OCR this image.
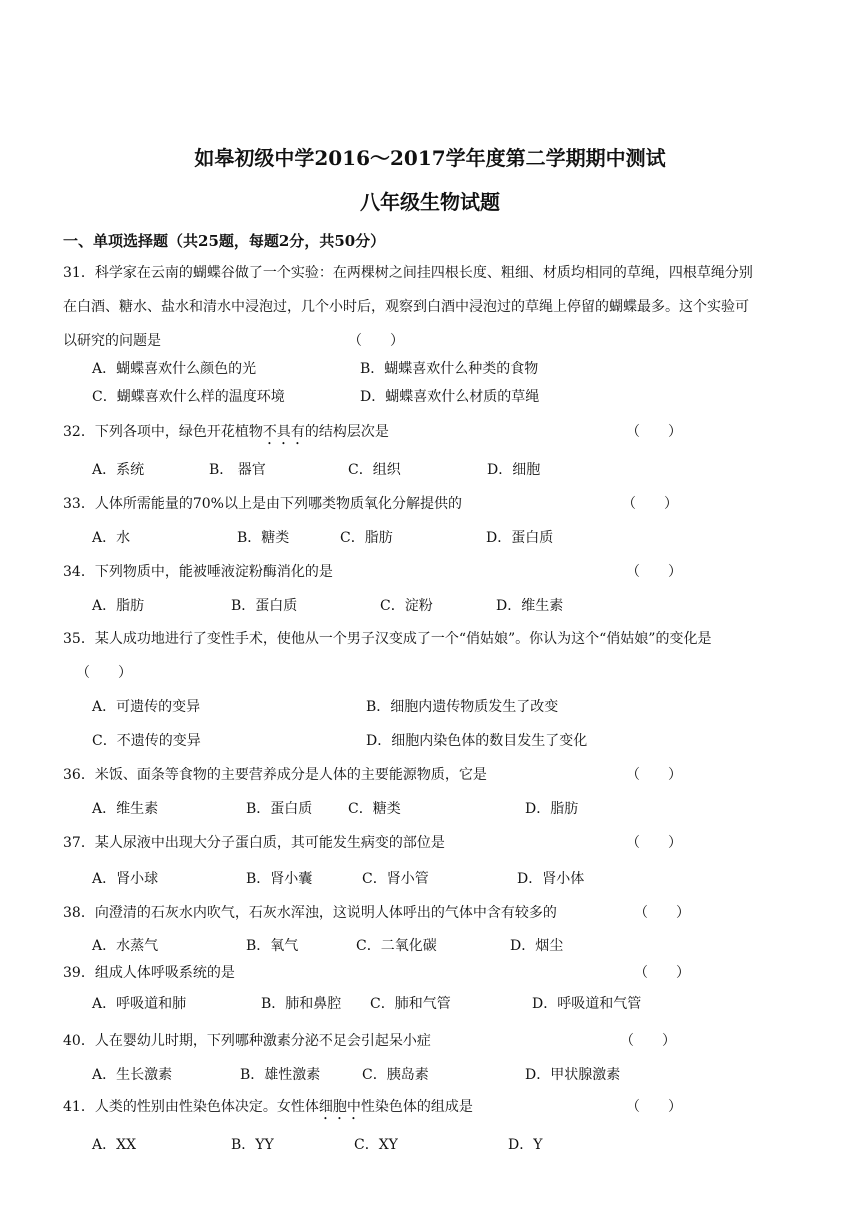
如皋初级中学2016～2017学年度第二学期期中测试
八年级生物试题
一、单项选择题（共25题，每题2分，共50分）
31．科学家在云南的蝴蝶谷做了一个实验：在两棵树之间挂四根长度、粗细、材质均相同的草绳，四根草绳分别
在白酒、糖水、盐水和清水中浸泡过，几个小时后，观察到白酒中浸泡过的草绳上停留的蝴蝶最多。这个实验可
以研究的问题是	（　　）
A．蝴蝶喜欢什么颜色的光	B．蝴蝶喜欢什么种类的食物
C．蝴蝶喜欢什么样的温度环境	D．蝴蝶喜欢什么材质的草绳
32．下列各项中，绿色开花植物不具有的结构层次是	（　　）
A．系统	B． 器官	C．组织	D．细胞
33．人体所需能量的70%以上是由下列哪类物质氧化分解提供的	（　　）
A．水	B．糖类	C．脂肪	D．蛋白质
34．下列物质中，能被唾液淀粉酶消化的是	（　　）
A．脂肪	B．蛋白质	C．淀粉	D．维生素
35．某人成功地进行了变性手术，使他从一个男子汉变成了一个“俏姑娘”。你认为这个“俏姑娘”的变化是
（　　）
A．可遗传的变异	B．细胞内遗传物质发生了改变
C．不遗传的变异	D．细胞内染色体的数目发生了变化
36．米饭、面条等食物的主要营养成分是人体的主要能源物质，它是	（　　）
A．维生素	B．蛋白质	C．糖类	D．脂肪
37．某人尿液中出现大分子蛋白质，其可能发生病变的部位是	（　　）
A．肾小球	B．肾小囊	C．肾小管	D．肾小体
38．向澄清的石灰水内吹气，石灰水浑浊，这说明人体呼出的气体中含有较多的	（　　）
A．水蒸气	B．氧气	C．二氧化碳	D．烟尘
39．组成人体呼吸系统的是	（　　）
A．呼吸道和肺	B．肺和鼻腔 C．肺和气管	D．呼吸道和气管
40．人在婴幼儿时期，下列哪种激素分泌不足会引起呆小症	（　　）
A．生长激素	B．雄性激素	C．胰岛素	D．甲状腺激素
41．人类的性别由性染色体决定。女性体细胞中性染色体的组成是	（　　）
A．XX	B．YY	C．XY	D．Y
